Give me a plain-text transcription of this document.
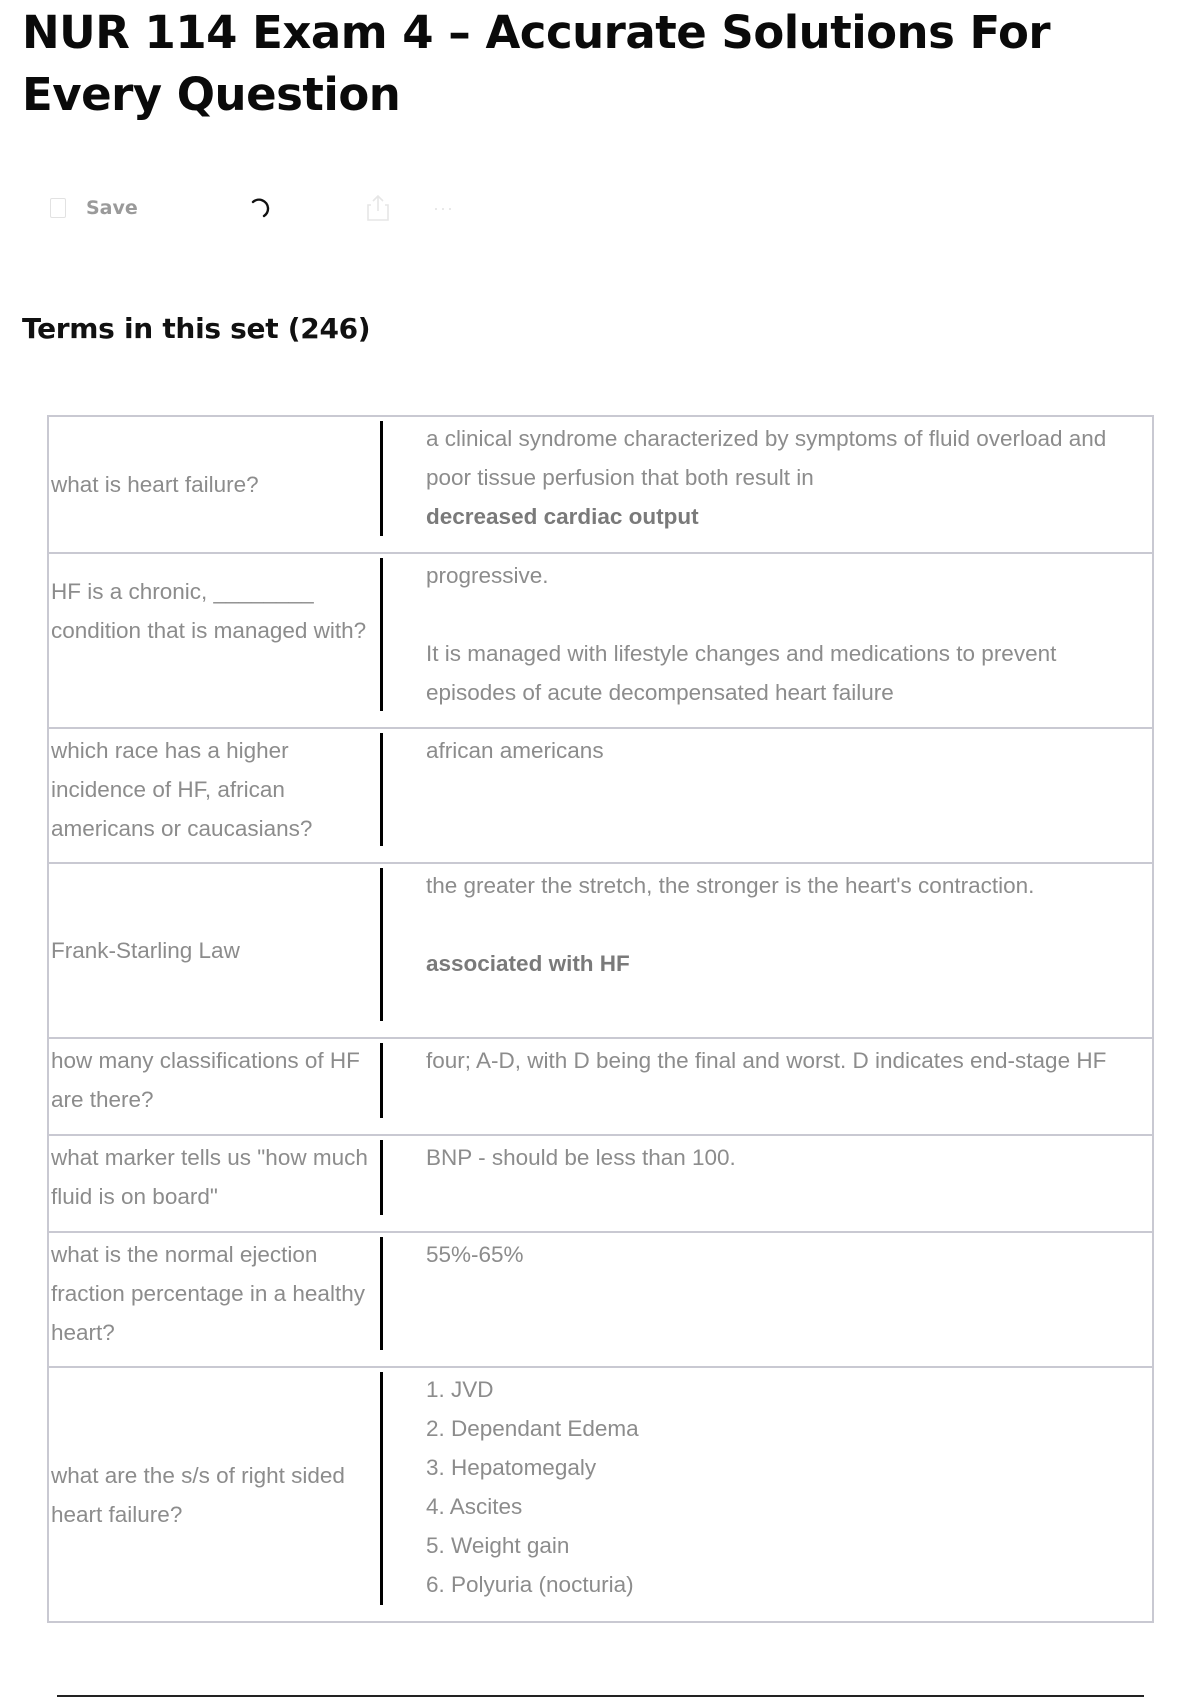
NUR 114 Exam 4 – Accurate Solutions For Every Question
Save	···
Terms in this set (246)
what is heart failure?

a clinical syndrome characterized by symptoms of fluid overload and poor tissue perfusion that both result in

decreased cardiac output

HF is a chronic, ________ condition that is managed with?

progressive.

It is managed with lifestyle changes and medications to prevent episodes of acute decompensated heart failure

which race has a higher incidence of HF, african americans or caucasians?

african americans

Frank-Starling Law

the greater the stretch, the stronger is the heart's contraction.

associated with HF

how many classifications of HF are there?

four; A-D, with D being the final and worst. D indicates end-stage HF

what marker tells us "how much fluid is on board"

BNP - should be less than 100.

what is the normal ejection fraction percentage in a healthy heart?

55%-65%

what are the s/s of right sided heart failure?

1. JVD

2. Dependant Edema

3. Hepatomegaly

4. Ascites

5. Weight gain

6. Polyuria (nocturia)
